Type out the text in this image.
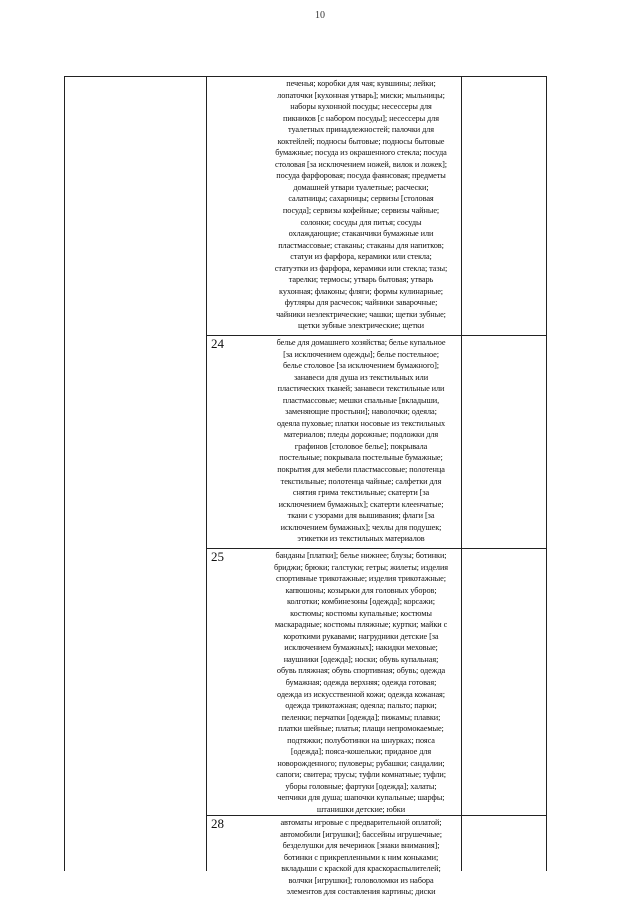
10
печенья; коробки для чая; кувшины; лейки;
лопаточки [кухонная утварь]; миски; мыльницы;
наборы кухонной посуды; несессеры для
пикников [с набором посуды]; несессеры для
туалетных принадлежностей; палочки для
коктейлей; подносы бытовые; подносы бытовые
бумажные; посуда из окрашенного стекла; посуда
столовая [за исключением ножей, вилок и ложек];
посуда фарфоровая; посуда фаянсовая; предметы
домашней утвари туалетные; расчески;
салатницы; сахарницы; сервизы [столовая
посуда]; сервизы кофейные; сервизы чайные;
солонки; сосуды для питья; сосуды
охлаждающие; стаканчики бумажные или
пластмассовые; стаканы; стаканы для напитков;
статуи из фарфора, керамики или стекла;
статуэтки из фарфора, керамики или стекла; тазы;
тарелки; термосы; утварь бытовая; утварь
кухонная; флаконы; фляги; формы кулинарные;
футляры для расчесок; чайники заварочные;
чайники неэлектрические; чашки; щетки зубные;
щетки зубные электрические; щетки
24	белье для домашнего хозяйства; белье купальное
[за исключением одежды]; белье постельное;
белье столовое [за исключением бумажного];
занавеси для душа из текстильных или
пластических тканей; занавеси текстильные или
пластмассовые; мешки спальные [вкладыши,
заменяющие простыни]; наволочки; одеяла;
одеяла пуховые; платки носовые из текстильных
материалов; пледы дорожные; подложки для
графинов [столовое белье]; покрывала
постельные; покрывала постельные бумажные;
покрытия для мебели пластмассовые; полотенца
текстильные; полотенца чайные; салфетки для
снятия грима текстильные; скатерти [за
исключением бумажных]; скатерти клеенчатые;
ткани с узорами для вышивания; флаги [за
исключением бумажных]; чехлы для подушек;
этикетки из текстильных материалов
25	банданы [платки]; белье нижнее; блузы; ботинки;
бриджи; брюки; галстуки; гетры; жилеты; изделия
спортивные трикотажные; изделия трикотажные;
капюшоны; козырьки для головных уборов;
колготки; комбинезоны [одежда]; корсажи;
костюмы; костюмы купальные; костюмы
маскарадные; костюмы пляжные; куртки; майки с
короткими рукавами; нагрудники детские [за
исключением бумажных]; накидки меховые;
наушники [одежда]; носки; обувь купальная;
обувь пляжная; обувь спортивная; обувь; одежда
бумажная; одежда верхняя; одежда готовая;
одежда из искусственной кожи; одежда кожаная;
одежда трикотажная; одеяла; пальто; парки;
пеленки; перчатки [одежда]; пижамы; плавки;
платки шейные; платья; плащи непромокаемые;
подтяжки; полуботинки на шнурках; пояса
[одежда]; пояса-кошельки; приданое для
новорожденного; пуловеры; рубашки; сандалии;
сапоги; свитера; трусы; туфли комнатные; туфли;
уборы головные; фартуки [одежда]; халаты;
чепчики для душа; шапочки купальные; шарфы;
штанишки детские; юбки
28	автоматы игровые с предварительной оплатой;
автомобили [игрушки]; бассейны игрушечные;
безделушки для вечеринок [знаки внимания];
ботинки с прикрепленными к ним коньками;
вкладыши с краской для краскораспылителей;
волчки [игрушки]; головоломки из набора
элементов для составления картины; диски
